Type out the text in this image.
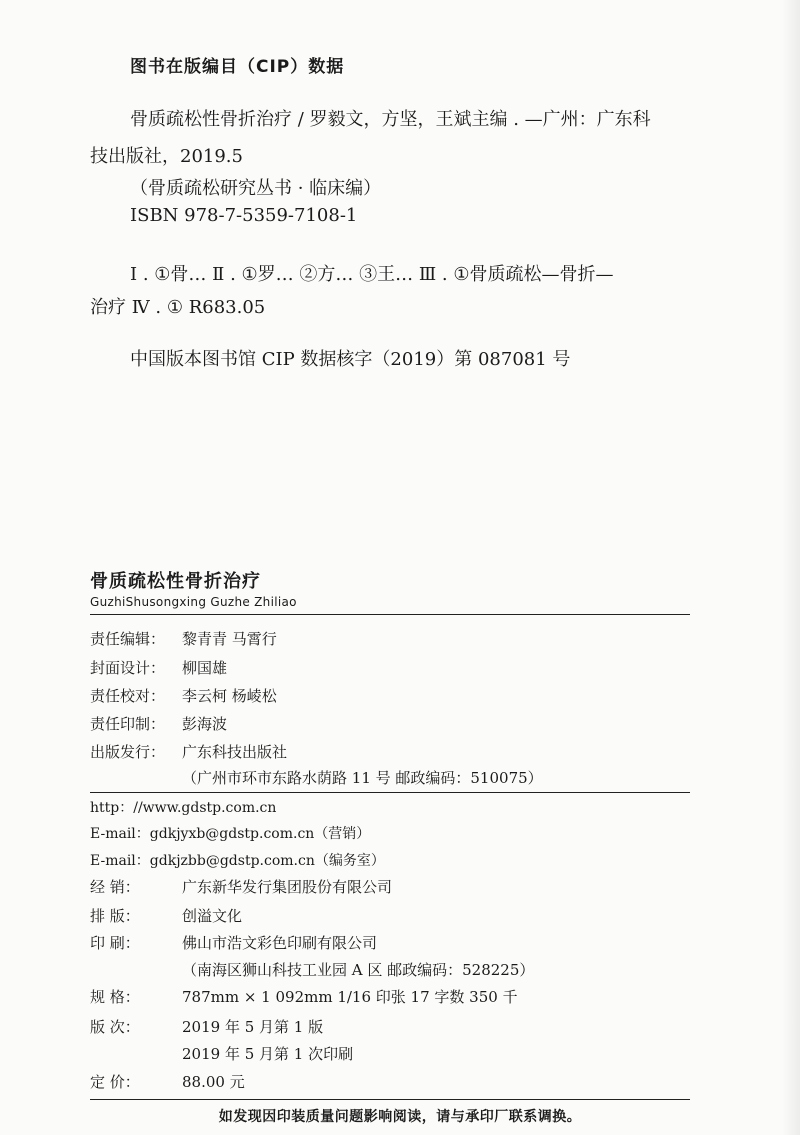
图书在版编目（CIP）数据
骨质疏松性骨折治疗 / 罗毅文，方坚，王斌主编 . —广州：广东科
技出版社，2019.5
（骨质疏松研究丛书 · 临床编）
ISBN 978-7-5359-7108-1
Ⅰ . ①骨… Ⅱ . ①罗… ②方… ③王… Ⅲ . ①骨质疏松—骨折—
治疗 Ⅳ . ① R683.05
中国版本图书馆 CIP 数据核字（2019）第 087081 号
骨质疏松性骨折治疗
GuzhiShusongxing Guzhe Zhiliao
责任编辑： 黎青青 马霄行
封面设计： 柳国雄
责任校对： 李云柯 杨崚松
责任印制： 彭海波
出版发行： 广东科技出版社
（广州市环市东路水荫路 11 号 邮政编码：510075）
http：//www.gdstp.com.cn
E-mail：gdkjyxb@gdstp.com.cn（营销）
E-mail：gdkjzbb@gdstp.com.cn（编务室）
经 销：	广东新华发行集团股份有限公司
排 版：	创溢文化
印 刷：	佛山市浩文彩色印刷有限公司
（南海区狮山科技工业园 A 区 邮政编码：528225）
规 格：	787mm × 1 092mm 1/16 印张 17 字数 350 千
版 次：	2019 年 5 月第 1 版
2019 年 5 月第 1 次印刷
定 价：	88.00 元
如发现因印装质量问题影响阅读，请与承印厂联系调换。
